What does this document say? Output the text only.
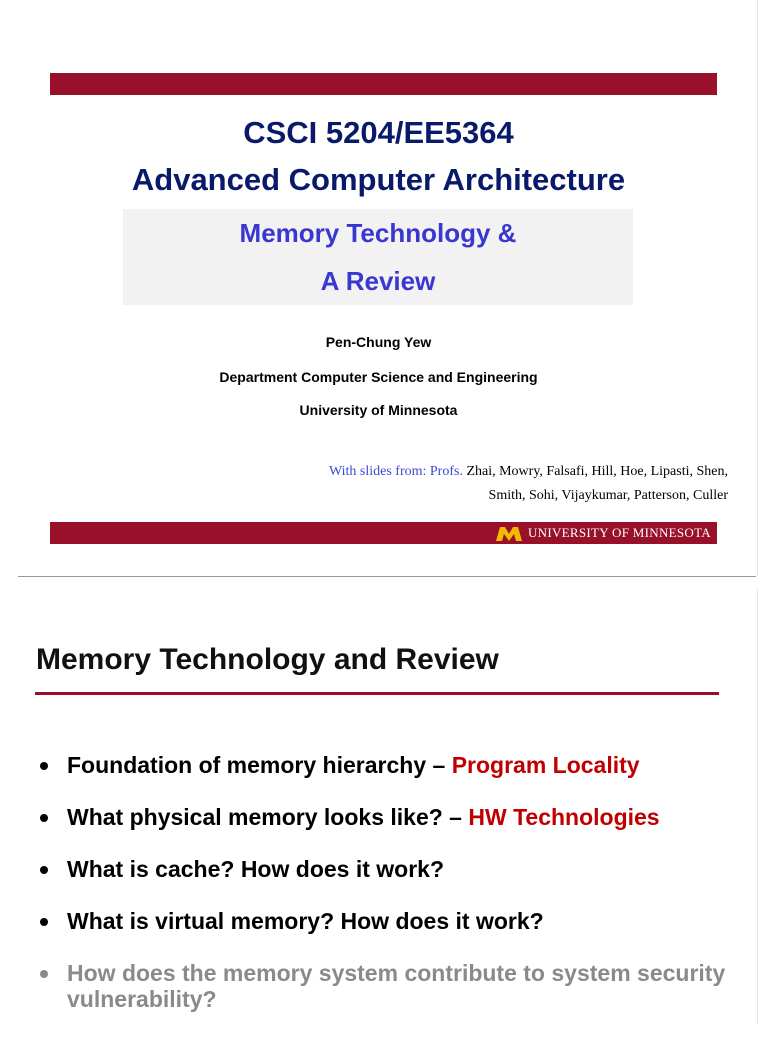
CSCI 5204/EE5364
Advanced Computer Architecture
Memory Technology &
A Review
Pen-Chung Yew
Department Computer Science and Engineering
University of Minnesota
With slides from: Profs. Zhai, Mowry, Falsafi, Hill, Hoe, Lipasti, Shen,
Smith, Sohi, Vijaykumar, Patterson, Culler
UNIVERSITY OF MINNESOTA
Memory Technology and Review
Foundation of memory hierarchy – Program Locality
What physical memory looks like? – HW Technologies
What is cache? How does it work?
What is virtual memory? How does it work?
How does the memory system contribute to system security vulnerability?
